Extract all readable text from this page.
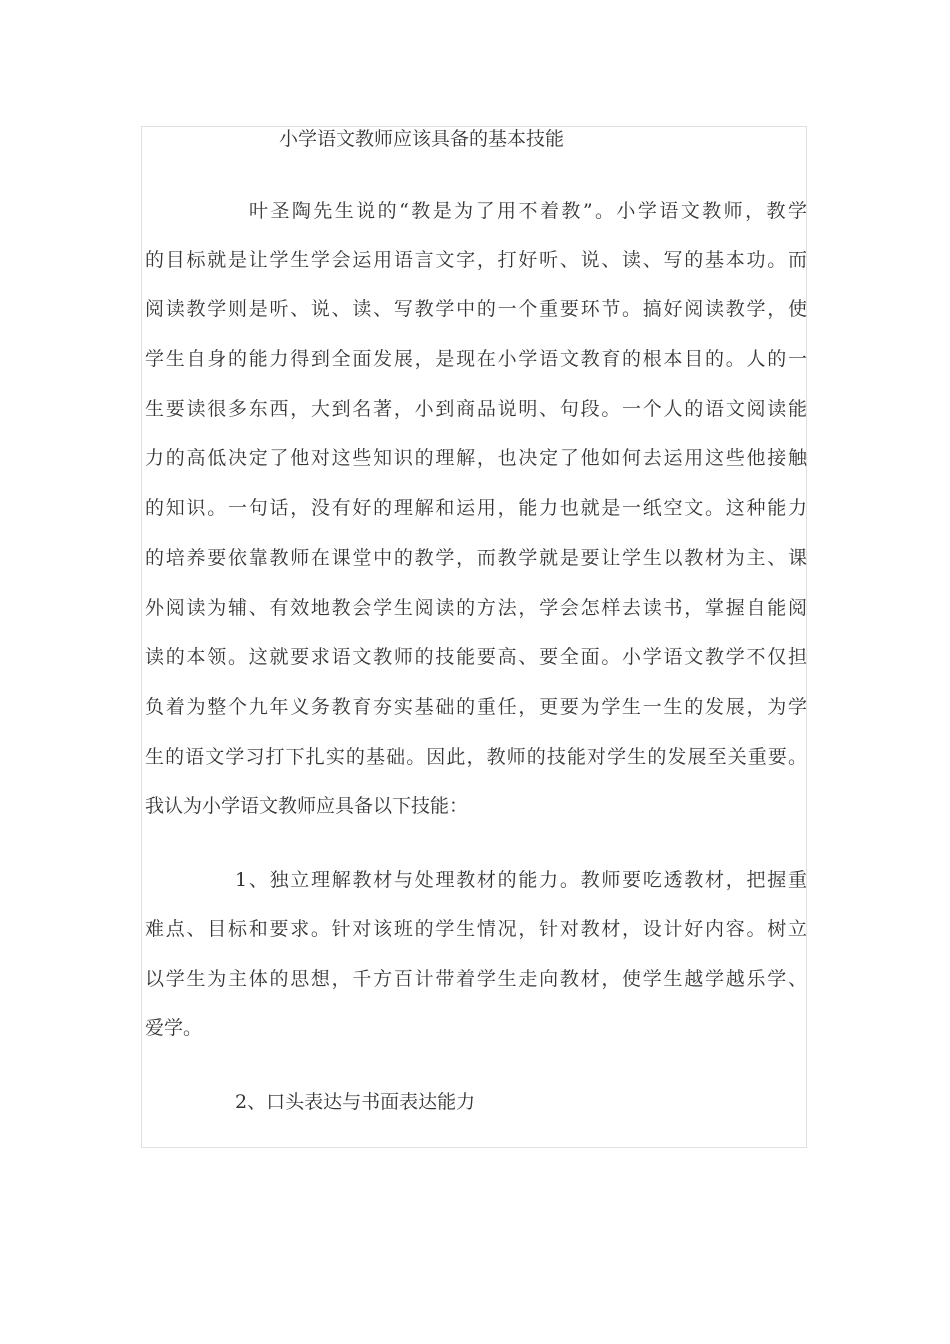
小学语文教师应该具备的基本技能
叶圣陶先生说的“教是为了用不着教”。小学语文教师，教学
的目标就是让学生学会运用语言文字，打好听、说、读、写的基本功。而
阅读教学则是听、说、读、写教学中的一个重要环节。搞好阅读教学，使
学生自身的能力得到全面发展，是现在小学语文教育的根本目的。人的一
生要读很多东西，大到名著，小到商品说明、句段。一个人的语文阅读能
力的高低决定了他对这些知识的理解，也决定了他如何去运用这些他接触
的知识。一句话，没有好的理解和运用，能力也就是一纸空文。这种能力
的培养要依靠教师在课堂中的教学，而教学就是要让学生以教材为主、课
外阅读为辅、有效地教会学生阅读的方法，学会怎样去读书，掌握自能阅
读的本领。这就要求语文教师的技能要高、要全面。小学语文教学不仅担
负着为整个九年义务教育夯实基础的重任，更要为学生一生的发展，为学
生的语文学习打下扎实的基础。因此，教师的技能对学生的发展至关重要。
我认为小学语文教师应具备以下技能：
1、独立理解教材与处理教材的能力。教师要吃透教材，把握重
难点、目标和要求。针对该班的学生情况，针对教材，设计好内容。树立
以学生为主体的思想，千方百计带着学生走向教材，使学生越学越乐学、
爱学。
2、口头表达与书面表达能力
